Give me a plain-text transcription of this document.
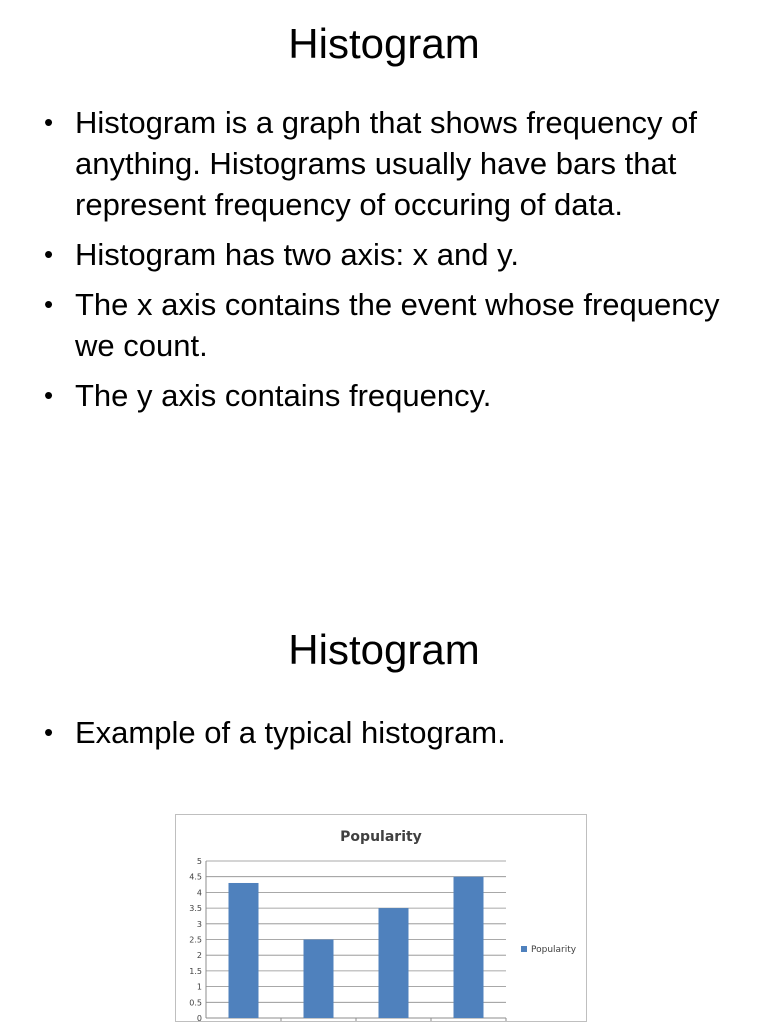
Histogram
• Histogram is a graph that shows frequency of anything. Histograms usually have bars that represent frequency of occuring of data.
• Histogram has two axis: x and y.
• The x axis contains the event whose frequency we count.
• The y axis contains frequency.
Histogram
• Example of a typical histogram.
Popularity
0
0.5
1
1.5
2
2.5
3
3.5
4
4.5
5
Popularity
